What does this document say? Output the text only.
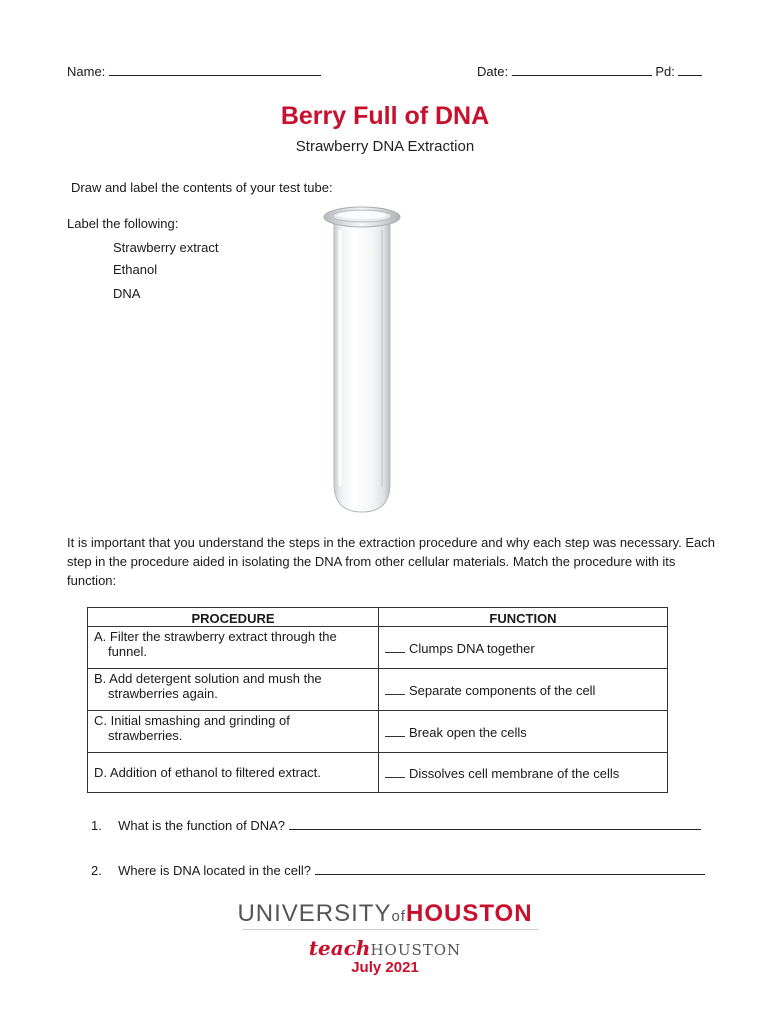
Name:	Date:	Pd:
Berry Full of DNA
Strawberry DNA Extraction
Draw and label the contents of your test tube:
Label the following:
Strawberry extract
Ethanol
DNA
It is important that you understand the steps in the extraction procedure and why each step was necessary. Each step in the procedure aided in isolating the DNA from other cellular materials. Match the procedure with its function:
PROCEDURE	FUNCTION

A. Filter the strawberry extract through the
funnel.	Clumps DNA together

B. Add detergent solution and mush the
strawberries again.	Separate components of the cell

C. Initial smashing and grinding of
strawberries.	Break open the cells

D. Addition of ethanol to filtered extract.	Dissolves cell membrane of the cells
1. What is the function of DNA?
2. Where is DNA located in the cell?
UNIVERSITYofHOUSTON
teachHOUSTON
July 2021
